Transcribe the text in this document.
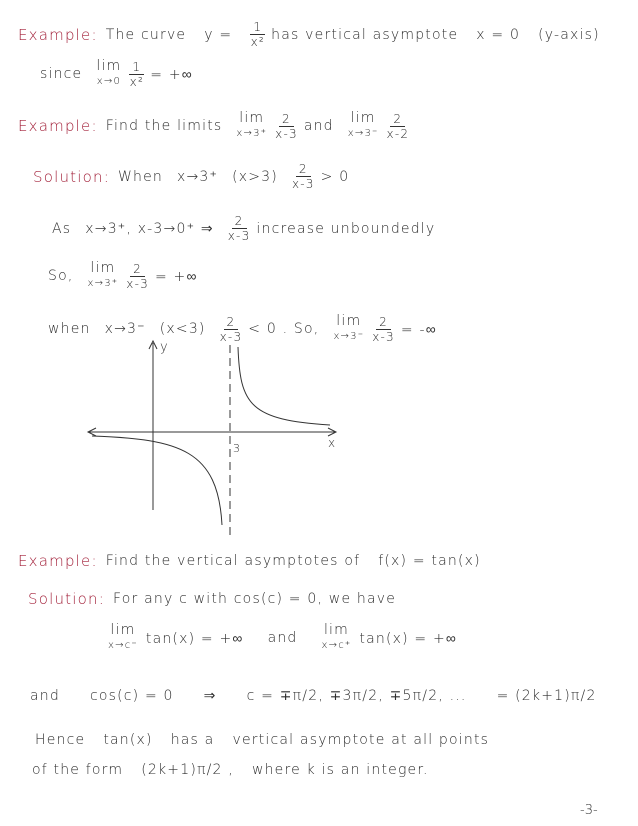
Example: The curve $y = \frac{1}{\text{x²}}$ has vertical asymptote x = 0 (y-axis)
since lim
$x\to 0 \frac{1}{\text{x²}}$ = +∞
Example: Find the limits lim
$x\to 3^+ \frac{2}{x-3}$ and lim
$x\to 3^- \frac{2}{x-2}$
Solution: When x→3⁺ $(x>3) \frac{2}{x-3} > 0$
As x→3⁺, x-3→0⁺ ⇒ $\frac{2}{x-3}$ increase unboundedly
So, lim
$x\to 3^+ \frac{2}{x-3}$ = +∞
when x→3⁻ $(x<3) \frac{2}{x-3} < 0$ . So, lim
$x\to 3^- \frac{2}{x-3}$ = -∞
y
x
3
Example: Find the vertical asymptotes of f(x) = tan(x)
Solution: For any c with cos(c) = 0, we have
lim
x→c⁻ tan(x) = +∞ and lim
x→c⁺ tan(x) = +∞
and cos(c) = 0 ⇒ c = ∓π/2, ∓3π/2, ∓5π/2, ... = (2k+1)π/2
Hence tan(x) has a vertical asymptote at all points
of the form (2k+1)π/2 , where k is an integer.
-3-
